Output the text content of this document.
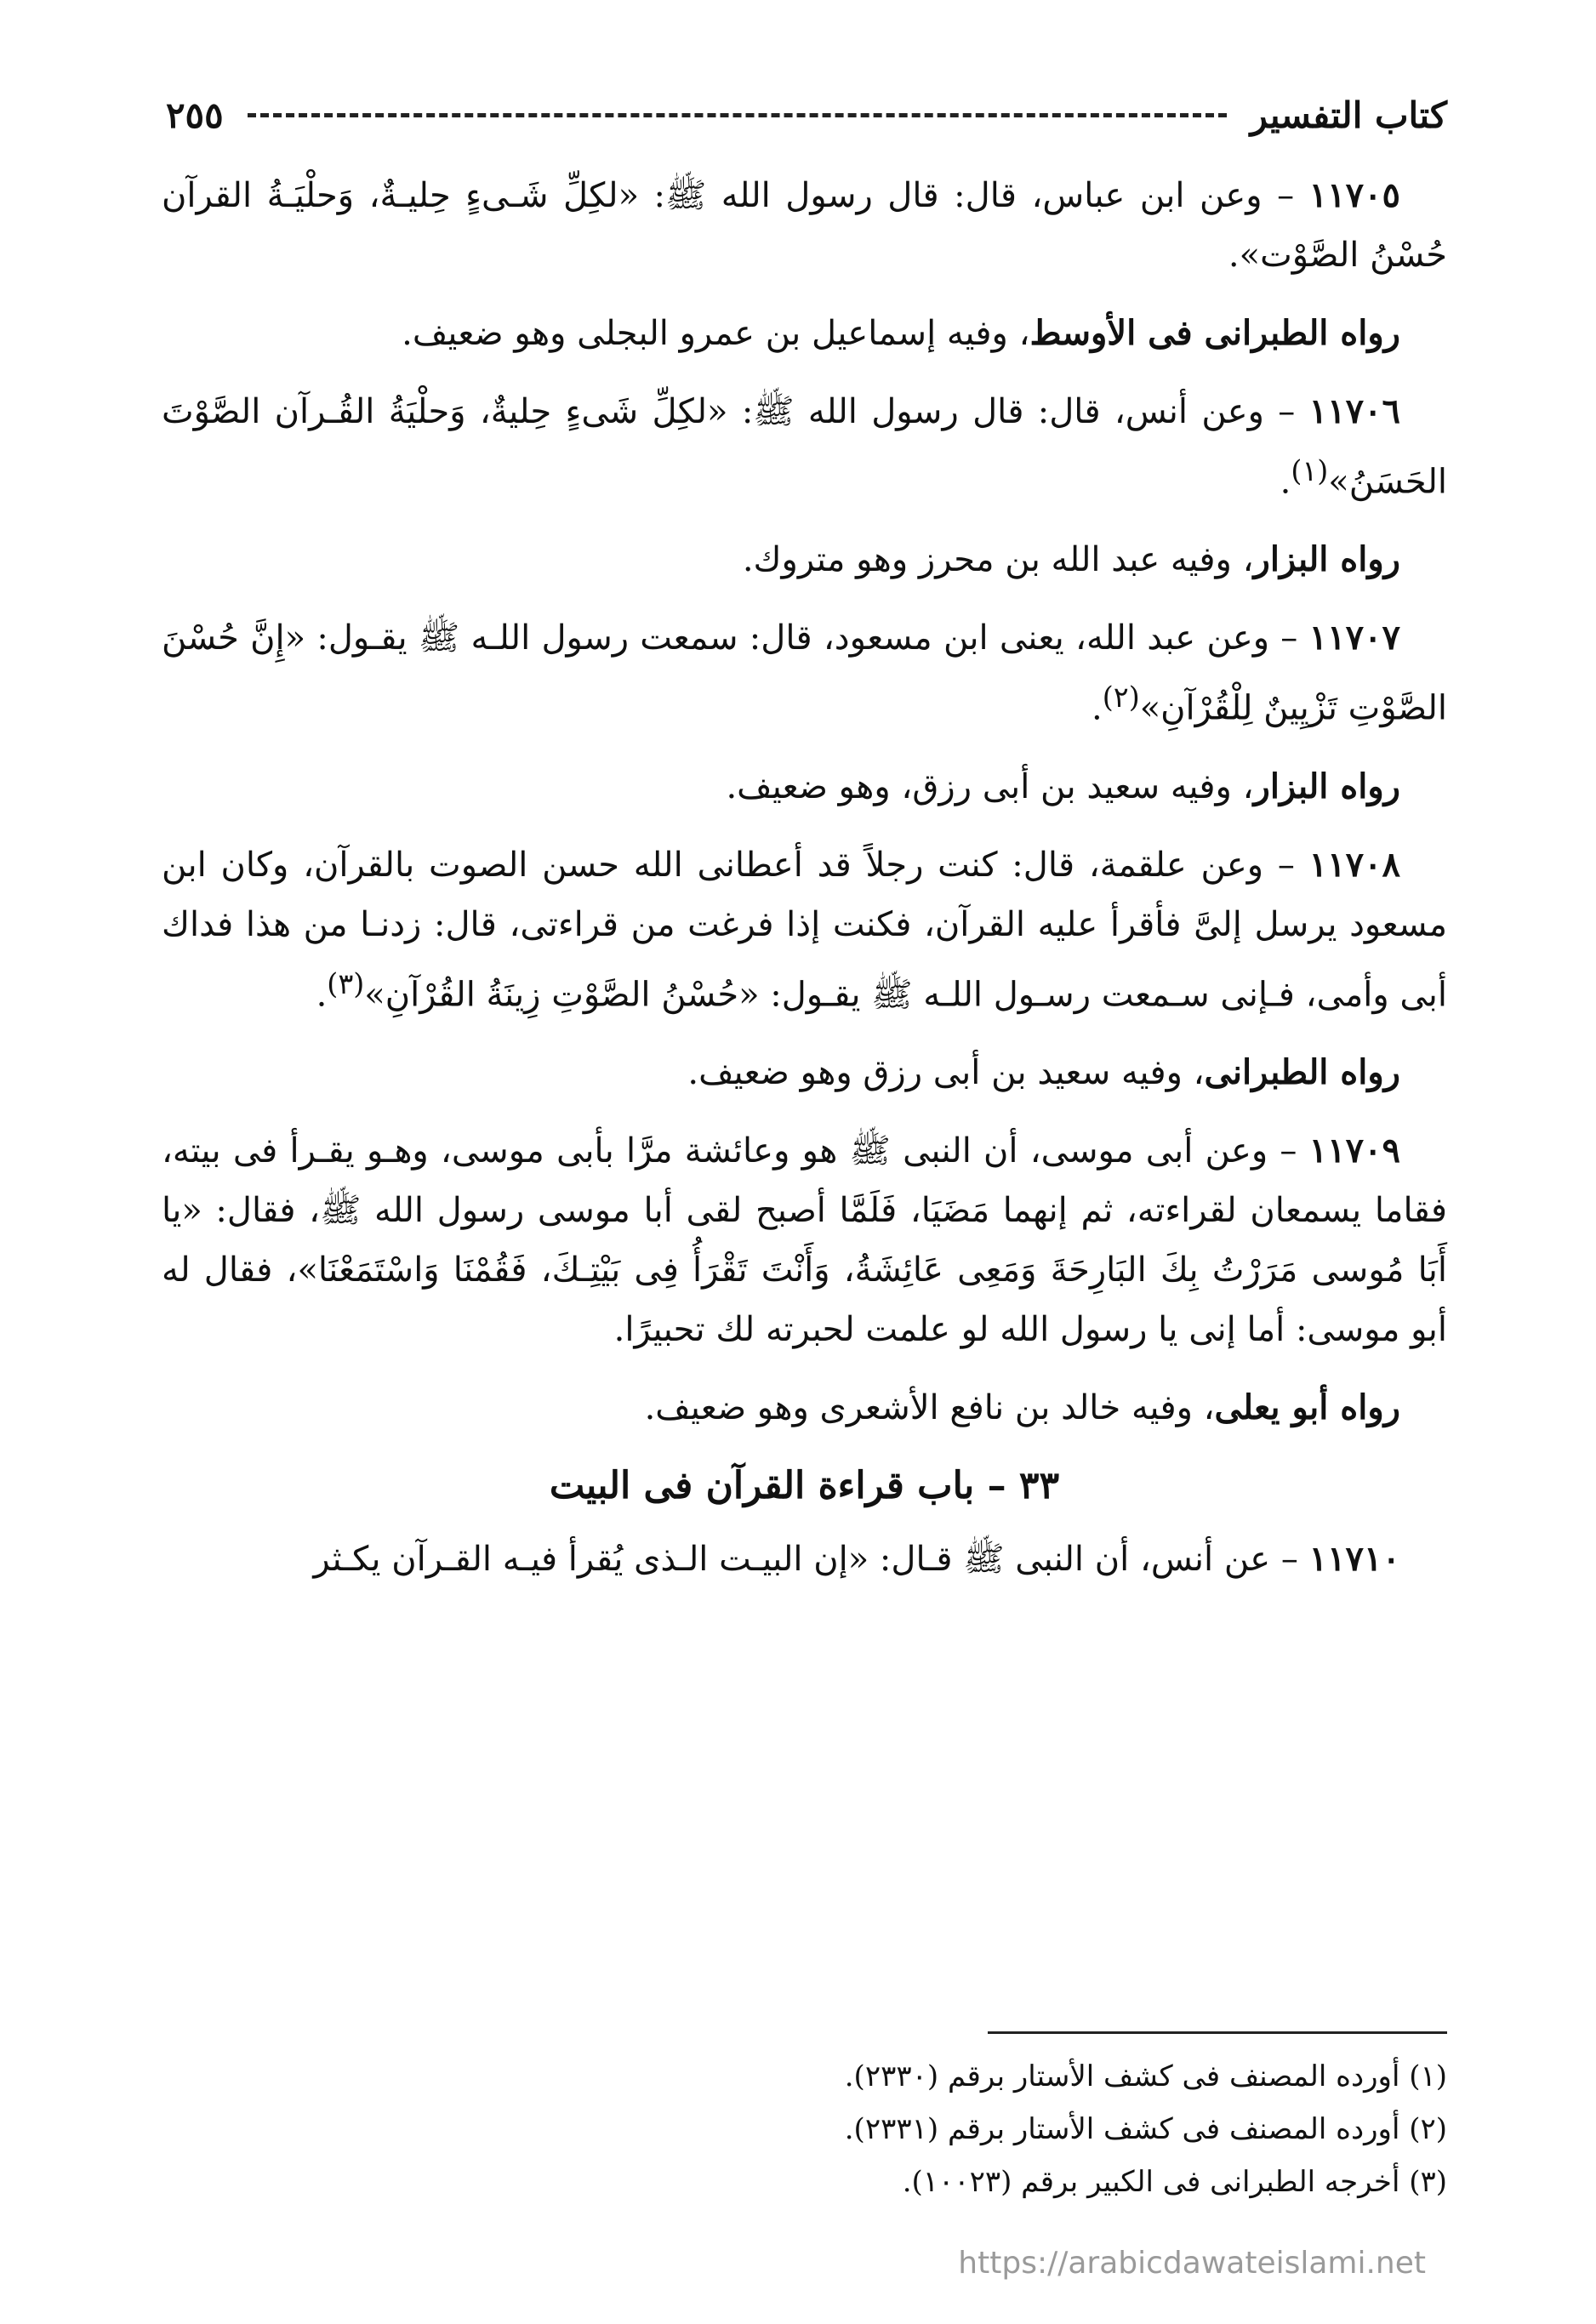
كتاب التفسير
٢٥٥

١١٧٠٥ – وعن ابن عباس، قال: قال رسول الله ﷺ: «لكِلِّ شَـىءٍ حِليـةٌ، وَحلْيَـةُ القرآن حُسْنُ الصَّوْت».

رواه الطبرانى فى الأوسط، وفيه إسماعيل بن عمرو البجلى وهو ضعيف.

١١٧٠٦ – وعن أنس، قال: قال رسول الله ﷺ: «لكِلِّ شَىءٍ حِليةٌ، وَحلْيَةُ القُـرآن الصَّوْتَ الحَسَنُ»$^{(١)}$.

رواه البزار، وفيه عبد الله بن محرز وهو متروك.

١١٧٠٧ – وعن عبد الله، يعنى ابن مسعود، قال: سمعت رسول اللـه ﷺ يقـول: «إِنَّ حُسْنَ الصَّوْتِ تَزْيِينٌ لِلْقُرْآنِ»$^{(٢)}$.

رواه البزار، وفيه سعيد بن أبى رزق، وهو ضعيف.

١١٧٠٨ – وعن علقمة، قال: كنت رجلاً قد أعطانى الله حسن الصوت بالقرآن، وكان ابن مسعود يرسل إلىَّ فأقرأ عليه القرآن، فكنت إذا فرغت من قراءتى، قال: زدنـا من هذا فداك أبى وأمى، فـإنى سـمعت رسـول اللـه ﷺ يقـول: «حُسْنُ الصَّوْتِ زِينَةُ القُرْآنِ»$^{(٣)}$.

رواه الطبرانى، وفيه سعيد بن أبى رزق وهو ضعيف.

١١٧٠٩ – وعن أبى موسى، أن النبى ﷺ هو وعائشة مرَّا بأبى موسى، وهـو يقـرأ فى بيته، فقاما يسمعان لقراءته، ثم إنهما مَضَيَا، فَلَمَّا أصبح لقى أبا موسى رسول الله ﷺ، فقال: «يا أَبَا مُوسى مَرَرْتُ بِكَ البَارِحَةَ وَمَعِى عَائِشَةُ، وَأَنْتَ تَقْرَأُ فِى بَيْتِـكَ، فَقُمْنَا وَاسْتَمَعْنَا»، فقال له أبو موسى: أما إنى يا رسول الله لو علمت لحبرته لك تحبيرًا.

رواه أبو يعلى، وفيه خالد بن نافع الأشعرى وهو ضعيف.

٣٣ – باب قراءة القرآن فى البيت

١١٧١٠ – عن أنس، أن النبى ﷺ قـال: «إن البيـت الـذى يُقرأ فيـه القـرآن يكـثر

(١) أورده المصنف فى كشف الأستار برقم (٢٣٣٠).
(٢) أورده المصنف فى كشف الأستار برقم (٢٣٣١).
(٣) أخرجه الطبرانى فى الكبير برقم (١٠٠٢٣).
https://arabicdawateislami.net
